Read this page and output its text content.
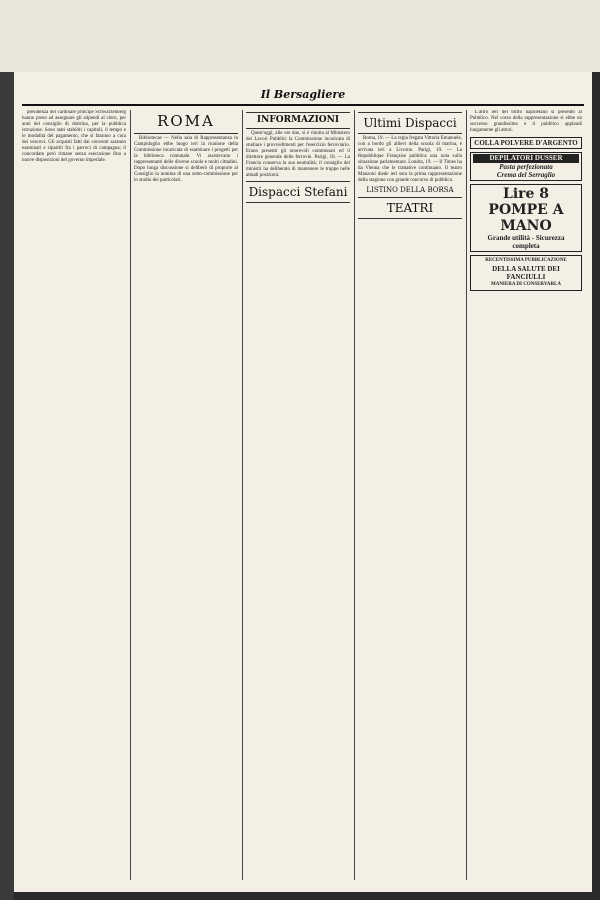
Il Bersagliere

presidenza del cardinale principe Schwarzenberg hanno preso ad assegnare gli stipendi al clero, per anni del consiglio di dottrina, per la pubblica istruzione. Sono stati stabiliti i capitoli, il tempo e le modalità del pagamento, che si faranno a cura dei vescovi. Gli acquisti fatti dai conventi saranno esaminati e ripartiti fra i parroci di campagna; il concordato però rimane senza esecuzione fino a nuove disposizioni del governo imperiale.

ROMA

Bibliotecae — Nella sala di Rappresentanza in Campidoglio ebbe luogo ieri la riunione della Commissione incaricata di esaminare i progetti per la biblioteca comunale. Vi assistevano i rappresentanti delle diverse scuole e molti cittadini. Dopo lunga discussione si deliberò di proporre al Consiglio la nomina di una sotto-commissione per lo studio dei particolari.

INFORMAZIONI

Quest'oggi, alle ore due, si è riunita al Ministero dei Lavori Pubblici la Commissione incaricata di studiare i provvedimenti per l'esercizio ferroviario. Erano presenti gli onorevoli commissari ed il direttore generale delle ferrovie. Parigi, 18. — La Francia conserva la sua neutralità; il consiglio dei ministri ha deliberato di mantenere le truppe nelle attuali posizioni.

Dispacci Stefani
Ultimi Dispacci

Roma, 19. — La regia fregata Vittoria Emanuele, con a bordo gli allievi della scuola di marina, è arrivata ieri a Livorno. Parigi, 19. — La Repubblique Française pubblica una nota sulla situazione parlamentare. Londra, 19. — Il Times ha da Vienna che le trattative continuano. Il teatro Manzoni diede ieri sera la prima rappresentazione della stagione con grande concorso di pubblico.

LISTINO DELLA BORSA
TEATRI

L'altro ieri del buffo napoletano si presentò al Pubblico. Nel corso della rappresentazione si ebbe un successo grandissimo e il pubblico applaudì lungamente gli attori.

COLLA POLVERE D'ARGENTO
DEPILATORI DUSSER
Pasta perfezionata
Crema del Serraglio
Lire 8
POMPE A MANO
Grande utilità - Sicurezza completa
RECENTISSIMA PUBBLICAZIONE
DELLA SALUTE DEI FANCIULLI
MANIERA DI CONSERVARLA
